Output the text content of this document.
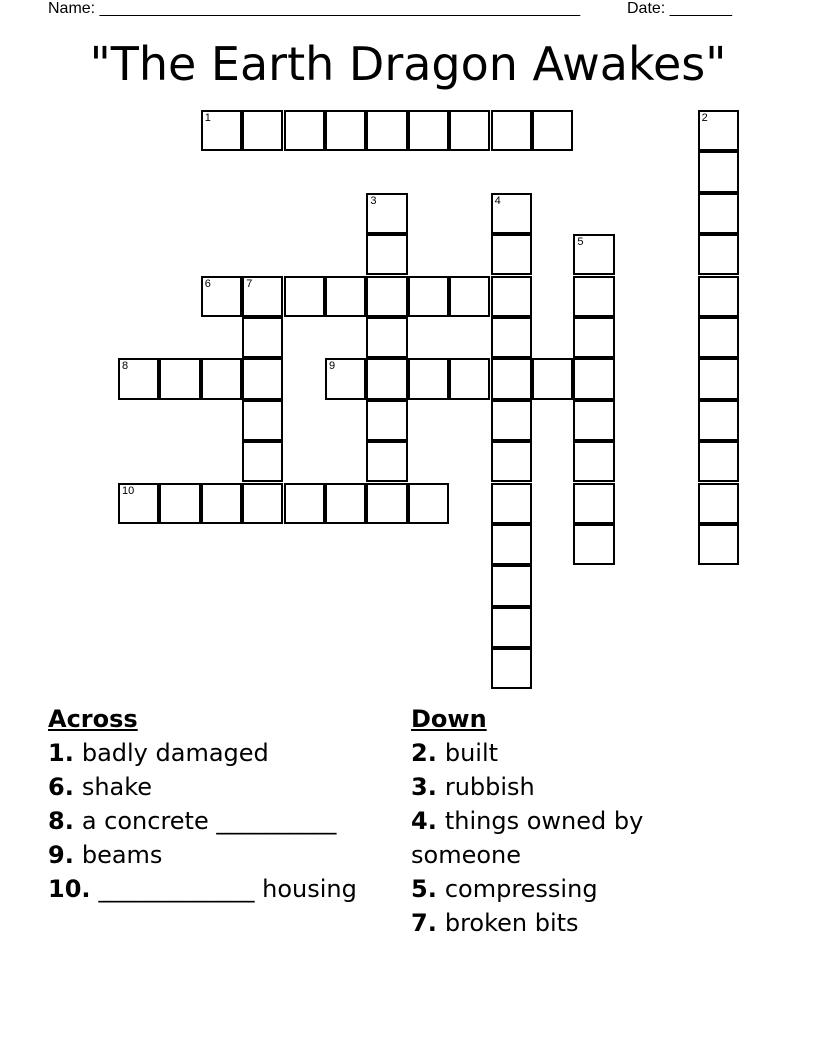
Name: ______________________________________________________	Date: _______
"The Earth Dragon Awakes"
1	2
3	4
5
6	7
8	9
10
Across
1. badly damaged
6. shake
8. a concrete __________
9. beams
10. _____________ housing
Down
2. built
3. rubbish
4. things owned by someone
5. compressing
7. broken bits
